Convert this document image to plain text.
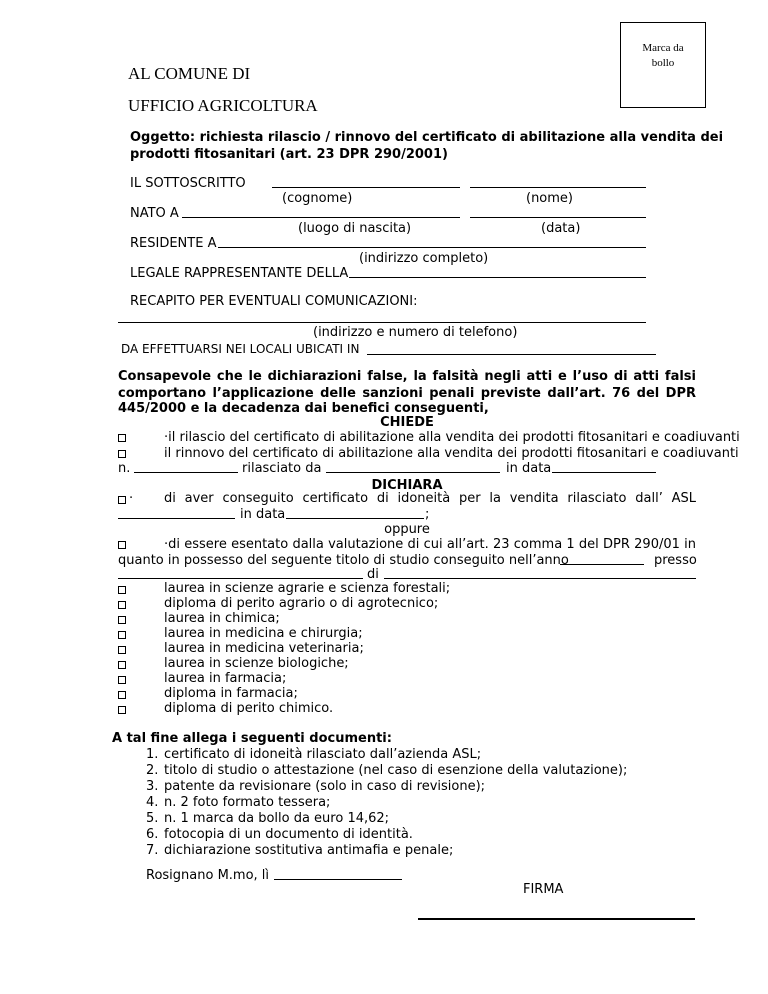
Marca da
bollo
AL COMUNE DI
UFFICIO AGRICOLTURA
Oggetto: richiesta rilascio / rinnovo del certificato di abilitazione alla vendita dei
prodotti fitosanitari (art. 23 DPR 290/2001)
IL SOTTOSCRITTO
(cognome)	(nome)
NATO A
(luogo di nascita)	(data)
RESIDENTE A
(indirizzo completo)
LEGALE RAPPRESENTANTE DELLA
RECAPITO PER EVENTUALI COMUNICAZIONI:
(indirizzo e numero di telefono)
DA EFFETTUARSI NEI LOCALI UBICATI IN
Consapevole che le dichiarazioni false, la falsità negli atti e l’uso di atti falsi
comportano l’applicazione delle sanzioni penali previste dall’art. 76 del DPR
445/2000 e la decadenza dai benefici conseguenti,
CHIEDE
·il rilascio del certificato di abilitazione alla vendita dei prodotti fitosanitari e coadiuvanti
il rinnovo del certificato di abilitazione alla vendita dei prodotti fitosanitari e coadiuvanti
n.	rilasciato da	in data
DICHIARA
· di aver conseguito certificato di idoneità per la vendita rilasciato dall’ ASL
in data	;
oppure
·di essere esentato dalla valutazione di cui all’art. 23 comma 1 del DPR 290/01 in
quanto in possesso del seguente titolo di studio conseguito nell’anno	presso
di
laurea in scienze agrarie e scienza forestali;
diploma di perito agrario o di agrotecnico;
laurea in chimica;
laurea in medicina e chirurgia;
laurea in medicina veterinaria;
laurea in scienze biologiche;
laurea in farmacia;
diploma in farmacia;
diploma di perito chimico.
A tal fine allega i seguenti documenti:
1. certificato di idoneità rilasciato dall’azienda ASL;
2. titolo di studio o attestazione (nel caso di esenzione della valutazione);
3. patente da revisionare (solo in caso di revisione);
4. n. 2 foto formato tessera;
5. n. 1 marca da bollo da euro 14,62;
6. fotocopia di un documento di identità.
7. dichiarazione sostitutiva antimafia e penale;
Rosignano M.mo, lì
FIRMA
